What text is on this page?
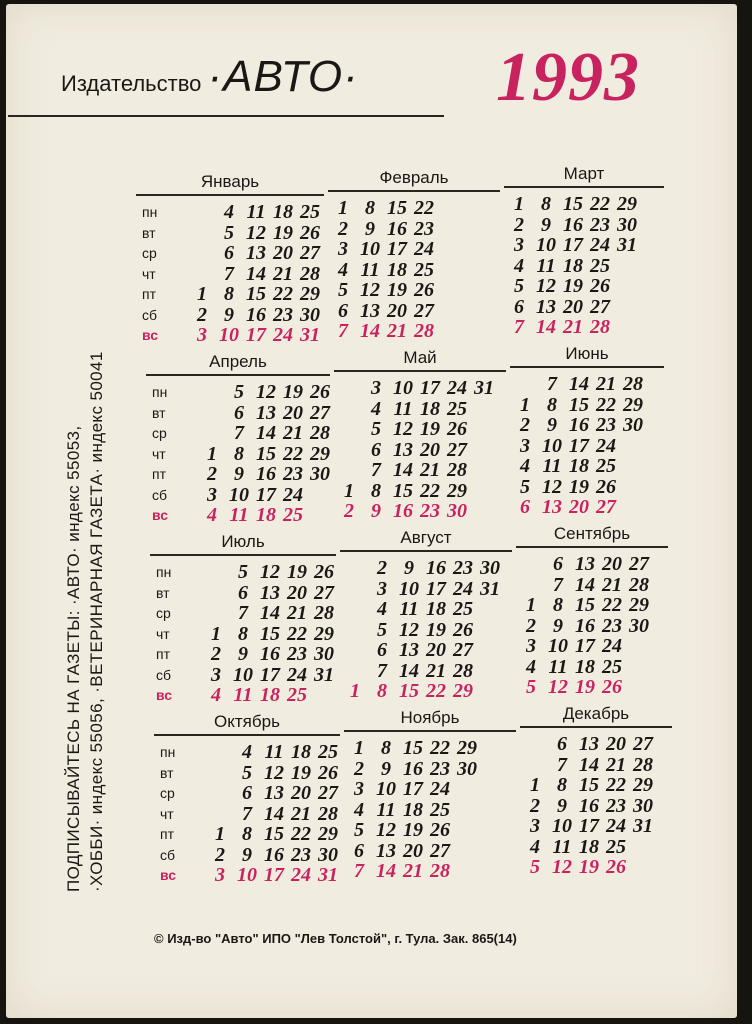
Издательство ·АВТО· 1993
ПОДПИСЫВАЙТЕСЬ НА ГАЗЕТЫ: ·АВТО· индекс 55053, ·ХОББИ· индекс 55056, ·ВЕТЕРИНАРНАЯ ГАЗЕТА· индекс 50041
Январь
пн
вт
ср
чт
пт
сб
вс
1
2
3
4
5
6
7
8
9
10
11
12
13
14
15
16
17
18
19
20
21
22
23
24
25
26
27
28
29
30
31
Февраль
1
2
3
4
5
6
7
8
9
10
11
12
13
14
15
16
17
18
19
20
21
22
23
24
25
26
27
28
Март
1
2
3
4
5
6
7
8
9
10
11
12
13
14
15
16
17
18
19
20
21
22
23
24
25
26
27
28
29
30
31
Апрель
пн
вт
ср
чт
пт
сб
вс
1
2
3
4
5
6
7
8
9
10
11
12
13
14
15
16
17
18
19
20
21
22
23
24
25
26
27
28
29
30
Май
1
2
3
4
5
6
7
8
9
10
11
12
13
14
15
16
17
18
19
20
21
22
23
24
25
26
27
28
29
30
31
Июнь
1
2
3
4
5
6
7
8
9
10
11
12
13
14
15
16
17
18
19
20
21
22
23
24
25
26
27
28
29
30
Июль
пн
вт
ср
чт
пт
сб
вс
1
2
3
4
5
6
7
8
9
10
11
12
13
14
15
16
17
18
19
20
21
22
23
24
25
26
27
28
29
30
31
Август
1
2
3
4
5
6
7
8
9
10
11
12
13
14
15
16
17
18
19
20
21
22
23
24
25
26
27
28
29
30
31
Сентябрь
1
2
3
4
5
6
7
8
9
10
11
12
13
14
15
16
17
18
19
20
21
22
23
24
25
26
27
28
29
30
Октябрь
пн
вт
ср
чт
пт
сб
вс
1
2
3
4
5
6
7
8
9
10
11
12
13
14
15
16
17
18
19
20
21
22
23
24
25
26
27
28
29
30
31
Ноябрь
1
2
3
4
5
6
7
8
9
10
11
12
13
14
15
16
17
18
19
20
21
22
23
24
25
26
27
28
29
30
Декабрь
1
2
3
4
5
6
7
8
9
10
11
12
13
14
15
16
17
18
19
20
21
22
23
24
25
26
27
28
29
30
31
© Изд-во "Авто" ИПО "Лев Толстой", г. Тула. Зак. 865(14)
